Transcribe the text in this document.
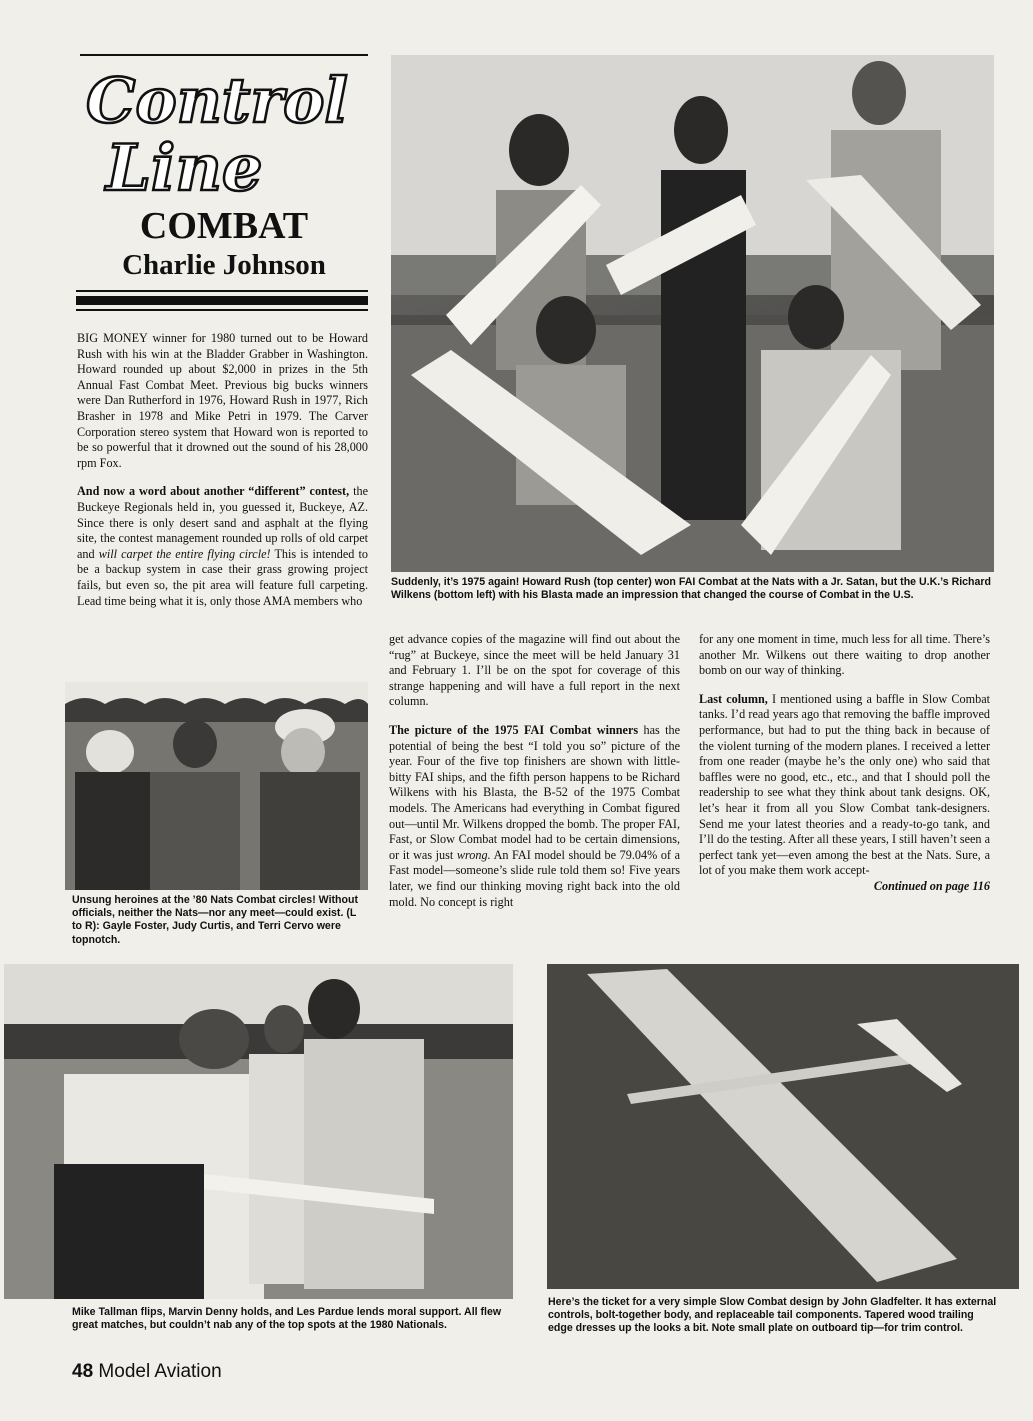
Control
Line
COMBAT
Charlie Johnson

BIG MONEY winner for 1980 turned out to be Howard Rush with his win at the Bladder Grabber in Washington. Howard rounded up about $2,000 in prizes in the 5th Annual Fast Combat Meet. Previous big bucks winners were Dan Rutherford in 1976, Howard Rush in 1977, Rich Brasher in 1978 and Mike Petri in 1979. The Carver Corporation stereo system that Howard won is reported to be so powerful that it drowned out the sound of his 28,000 rpm Fox.

And now a word about another “different” contest, the Buckeye Regionals held in, you guessed it, Buckeye, AZ. Since there is only desert sand and asphalt at the flying site, the contest management rounded up rolls of old carpet and will carpet the entire flying circle! This is intended to be a backup system in case their grass growing project fails, but even so, the pit area will feature full carpeting. Lead time being what it is, only those AMA members who

Suddenly, it’s 1975 again! Howard Rush (top center) won FAI Combat at the Nats with a Jr. Satan, but the U.K.’s Richard Wilkens (bottom left) with his Blasta made an impression that changed the course of Combat in the U.S.
Unsung heroines at the ’80 Nats Combat circles! Without officials, neither the Nats—nor any meet—could exist. (L to R): Gayle Foster, Judy Curtis, and Terri Cervo were topnotch.

get advance copies of the magazine will find out about the “rug” at Buckeye, since the meet will be held January 31 and February 1. I’ll be on the spot for coverage of this strange happening and will have a full report in the next column.

The picture of the 1975 FAI Combat winners has the potential of being the best “I told you so” picture of the year. Four of the five top finishers are shown with little-bitty FAI ships, and the fifth person happens to be Richard Wilkens with his Blasta, the B-52 of the 1975 Combat models. The Americans had everything in Combat figured out—until Mr. Wilkens dropped the bomb. The proper FAI, Fast, or Slow Combat model had to be certain dimensions, or it was just wrong. An FAI model should be 79.04% of a Fast model—someone’s slide rule told them so! Five years later, we find our thinking moving right back into the old mold. No concept is right

for any one moment in time, much less for all time. There’s another Mr. Wilkens out there waiting to drop another bomb on our way of thinking.

Last column, I mentioned using a baffle in Slow Combat tanks. I’d read years ago that removing the baffle improved performance, but had to put the thing back in because of the violent turning of the modern planes. I received a letter from one reader (maybe he’s the only one) who said that baffles were no good, etc., etc., and that I should poll the readership to see what they think about tank designs. OK, let’s hear it from all you Slow Combat tank-designers. Send me your latest theories and a ready-to-go tank, and I’ll do the testing. After all these years, I still haven’t seen a perfect tank yet—even among the best at the Nats. Sure, a lot of you make them work accept-

Continued on page 116
Mike Tallman flips, Marvin Denny holds, and Les Pardue lends moral support. All flew great matches, but couldn’t nab any of the top spots at the 1980 Nationals.
Here’s the ticket for a very simple Slow Combat design by John Gladfelter. It has external controls, bolt-together body, and replaceable tail components. Tapered wood trailing edge dresses up the looks a bit. Note small plate on outboard tip—for trim control.
48 Model Aviation
